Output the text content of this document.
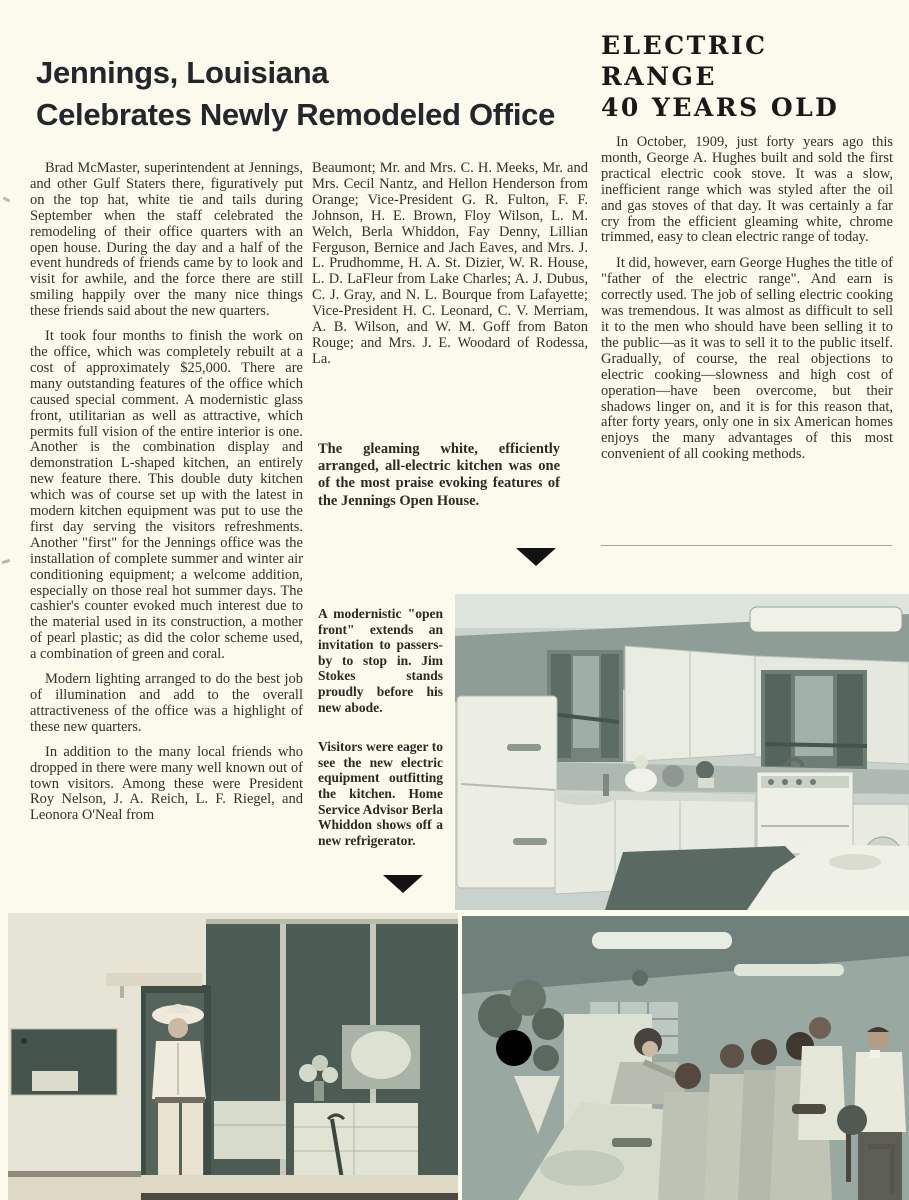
Jennings, Louisiana
Celebrates Newly Remodeled Office

Brad McMaster, superintendent at Jennings, and other Gulf Staters there, figuratively put on the top hat, white tie and tails during September when the staff celebrated the remodeling of their office quarters with an open house. During the day and a half of the event hundreds of friends came by to look and visit for awhile, and the force there are still smiling happily over the many nice things these friends said about the new quarters.

It took four months to finish the work on the office, which was completely rebuilt at a cost of approximately $25,000. There are many outstanding features of the office which caused special comment. A modernistic glass front, utilitarian as well as attractive, which permits full vision of the entire interior is one. Another is the combination display and demonstration L-shaped kitchen, an entirely new feature there. This double duty kitchen which was of course set up with the latest in modern kitchen equipment was put to use the first day serving the visitors refreshments. Another "first" for the Jennings office was the installation of complete summer and winter air conditioning equipment; a welcome addition, especially on those real hot summer days. The cashier's counter evoked much interest due to the material used in its construction, a mother of pearl plastic; as did the color scheme used, a combination of green and coral.

Modern lighting arranged to do the best job of illumination and add to the overall attractiveness of the office was a highlight of these new quarters.

In addition to the many local friends who dropped in there were many well known out of town visitors. Among these were President Roy Nelson, J. A. Reich, L. F. Riegel, and Leonora O'Neal from

Beaumont; Mr. and Mrs. C. H. Meeks, Mr. and Mrs. Cecil Nantz, and Hellon Henderson from Orange; Vice-President G. R. Fulton, F. F. Johnson, H. E. Brown, Floy Wilson, L. M. Welch, Berla Whiddon, Fay Denny, Lillian Ferguson, Bernice and Jach Eaves, and Mrs. J. L. Prudhomme, H. A. St. Dizier, W. R. House, L. D. LaFleur from Lake Charles; A. J. Dubus, C. J. Gray, and N. L. Bourque from Lafayette; Vice-President H. C. Leonard, C. V. Merriam, A. B. Wilson, and W. M. Goff from Baton Rouge; and Mrs. J. E. Woodard of Rodessa, La.

The gleaming white, efficiently arranged, all-electric kitchen was one of the most praise evoking features of the Jennings Open House.
ELECTRIC RANGE
40 YEARS OLD

In October, 1909, just forty years ago this month, George A. Hughes built and sold the first practical electric cook stove. It was a slow, inefficient range which was styled after the oil and gas stoves of that day. It was certainly a far cry from the efficient gleaming white, chrome trimmed, easy to clean electric range of today.

It did, however, earn George Hughes the title of "father of the electric range". And earn is correctly used. The job of selling electric cooking was tremendous. It was almost as difficult to sell it to the men who should have been selling it to the public—as it was to sell it to the public itself. Gradually, of course, the real objections to electric cooking—slowness and high cost of operation—have been overcome, but their shadows linger on, and it is for this reason that, after forty years, only one in six American homes enjoys the many advantages of this most convenient of all cooking methods.

A modernistic "open front" extends an invitation to passers-by to stop in. Jim Stokes stands proudly before his new abode.

Visitors were eager to see the new electric equipment outfitting the kitchen. Home Service Advisor Berla Whiddon shows off a new refrigerator.
